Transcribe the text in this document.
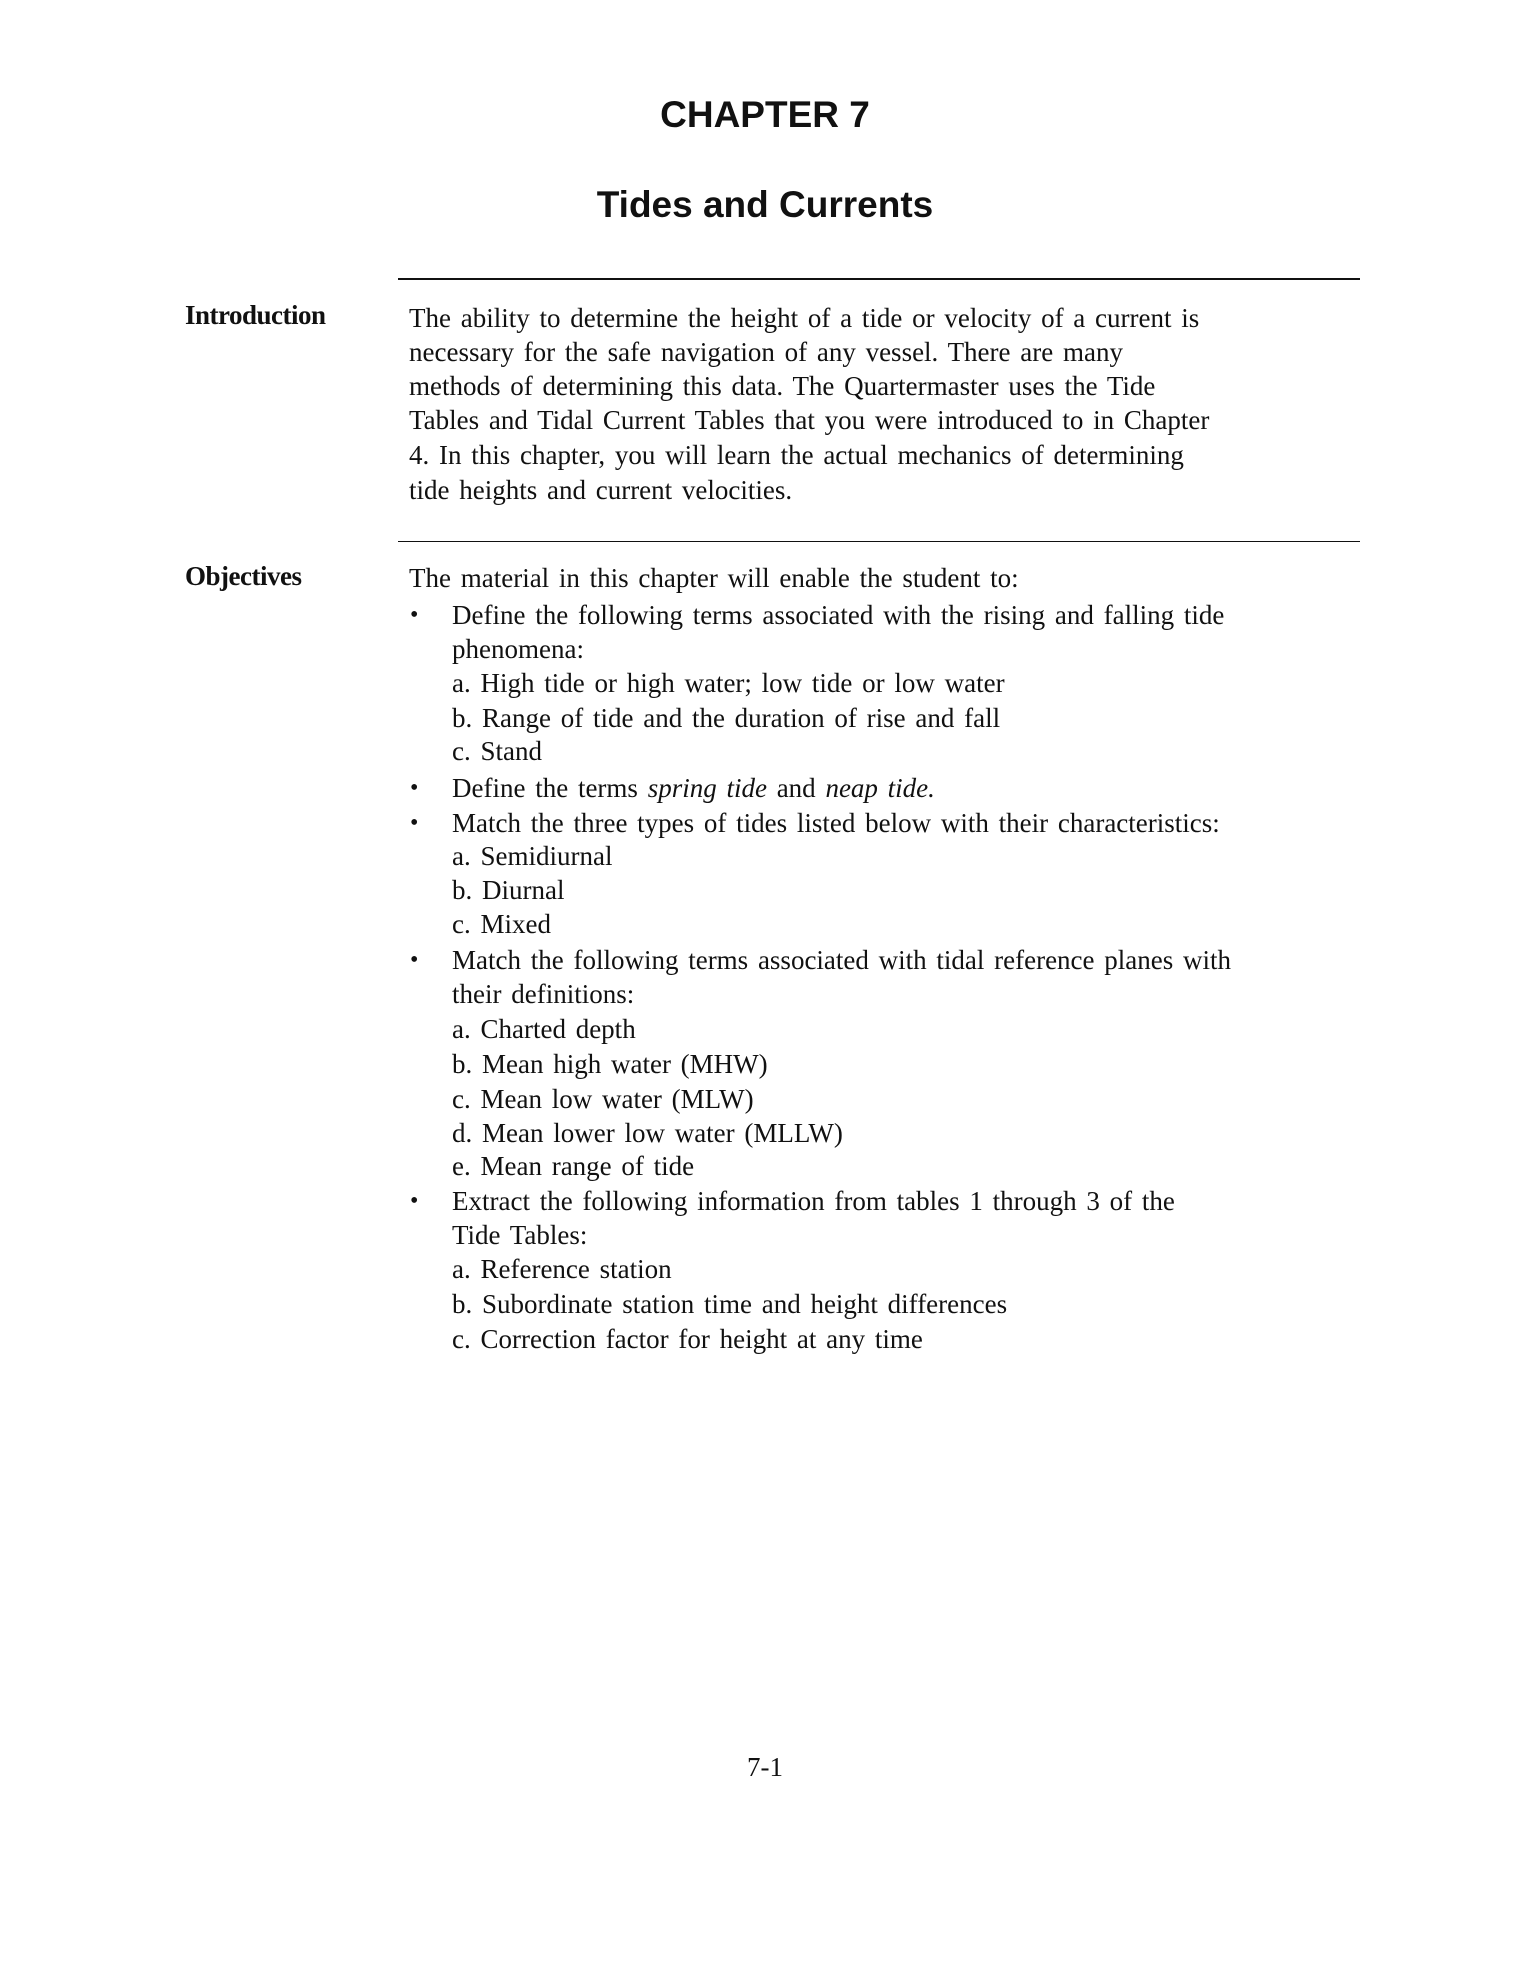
CHAPTER 7
Tides and Currents
Introduction	The ability to determine the height of a tide or velocity of a current is
necessary for the safe navigation of any vessel. There are many
methods of determining this data. The Quartermaster uses the Tide
Tables and Tidal Current Tables that you were introduced to in Chapter
4. In this chapter, you will learn the actual mechanics of determining
tide heights and current velocities.
Objectives	The material in this chapter will enable the student to:
Define the following terms associated with the rising and falling tide
•
phenomena:
a. High tide or high water; low tide or low water
b. Range of tide and the duration of rise and fall
c. Stand
Define the terms spring tide and neap tide.
•
Match the three types of tides listed below with their characteristics:
•
a. Semidiurnal
b. Diurnal
c. Mixed
Match the following terms associated with tidal reference planes with
•
their definitions:
a. Charted depth
b. Mean high water (MHW)
c. Mean low water (MLW)
d. Mean lower low water (MLLW)
e. Mean range of tide
Extract the following information from tables 1 through 3 of the
•
Tide Tables:
a. Reference station
b. Subordinate station time and height differences
c. Correction factor for height at any time
7-1
